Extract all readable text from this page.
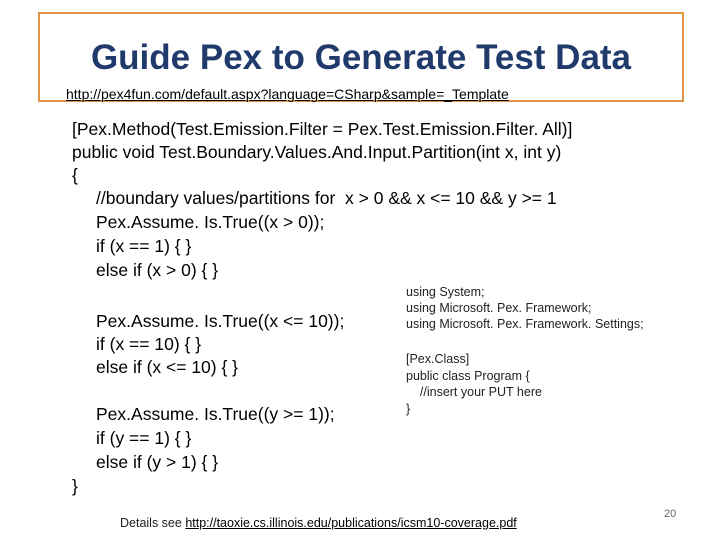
Guide Pex to Generate Test Data
http://pex4fun.com/default.aspx?language=CSharp&sample=_Template
[Pex.Method(Test.Emission.Filter = Pex.Test.Emission.Filter. All)]
public void Test.Boundary.Values.And.Input.Partition(int x, int y)
{
//boundary values/partitions for  x > 0 && x <= 10 && y >= 1
Pex.Assume. Is.True((x > 0));
if (x == 1) { }
else if (x > 0) { }
Pex.Assume. Is.True((x <= 10));
if (x == 10) { }
else if (x <= 10) { }
Pex.Assume. Is.True((y >= 1));
if (y == 1) { }
else if (y > 1) { }
}
using System;
using Microsoft. Pex. Framework;
using Microsoft. Pex. Framework. Settings;
[Pex.Class]
public class Program {
//insert your PUT here
}
Details see http://taoxie.cs.illinois.edu/publications/icsm10-coverage.pdf
20
